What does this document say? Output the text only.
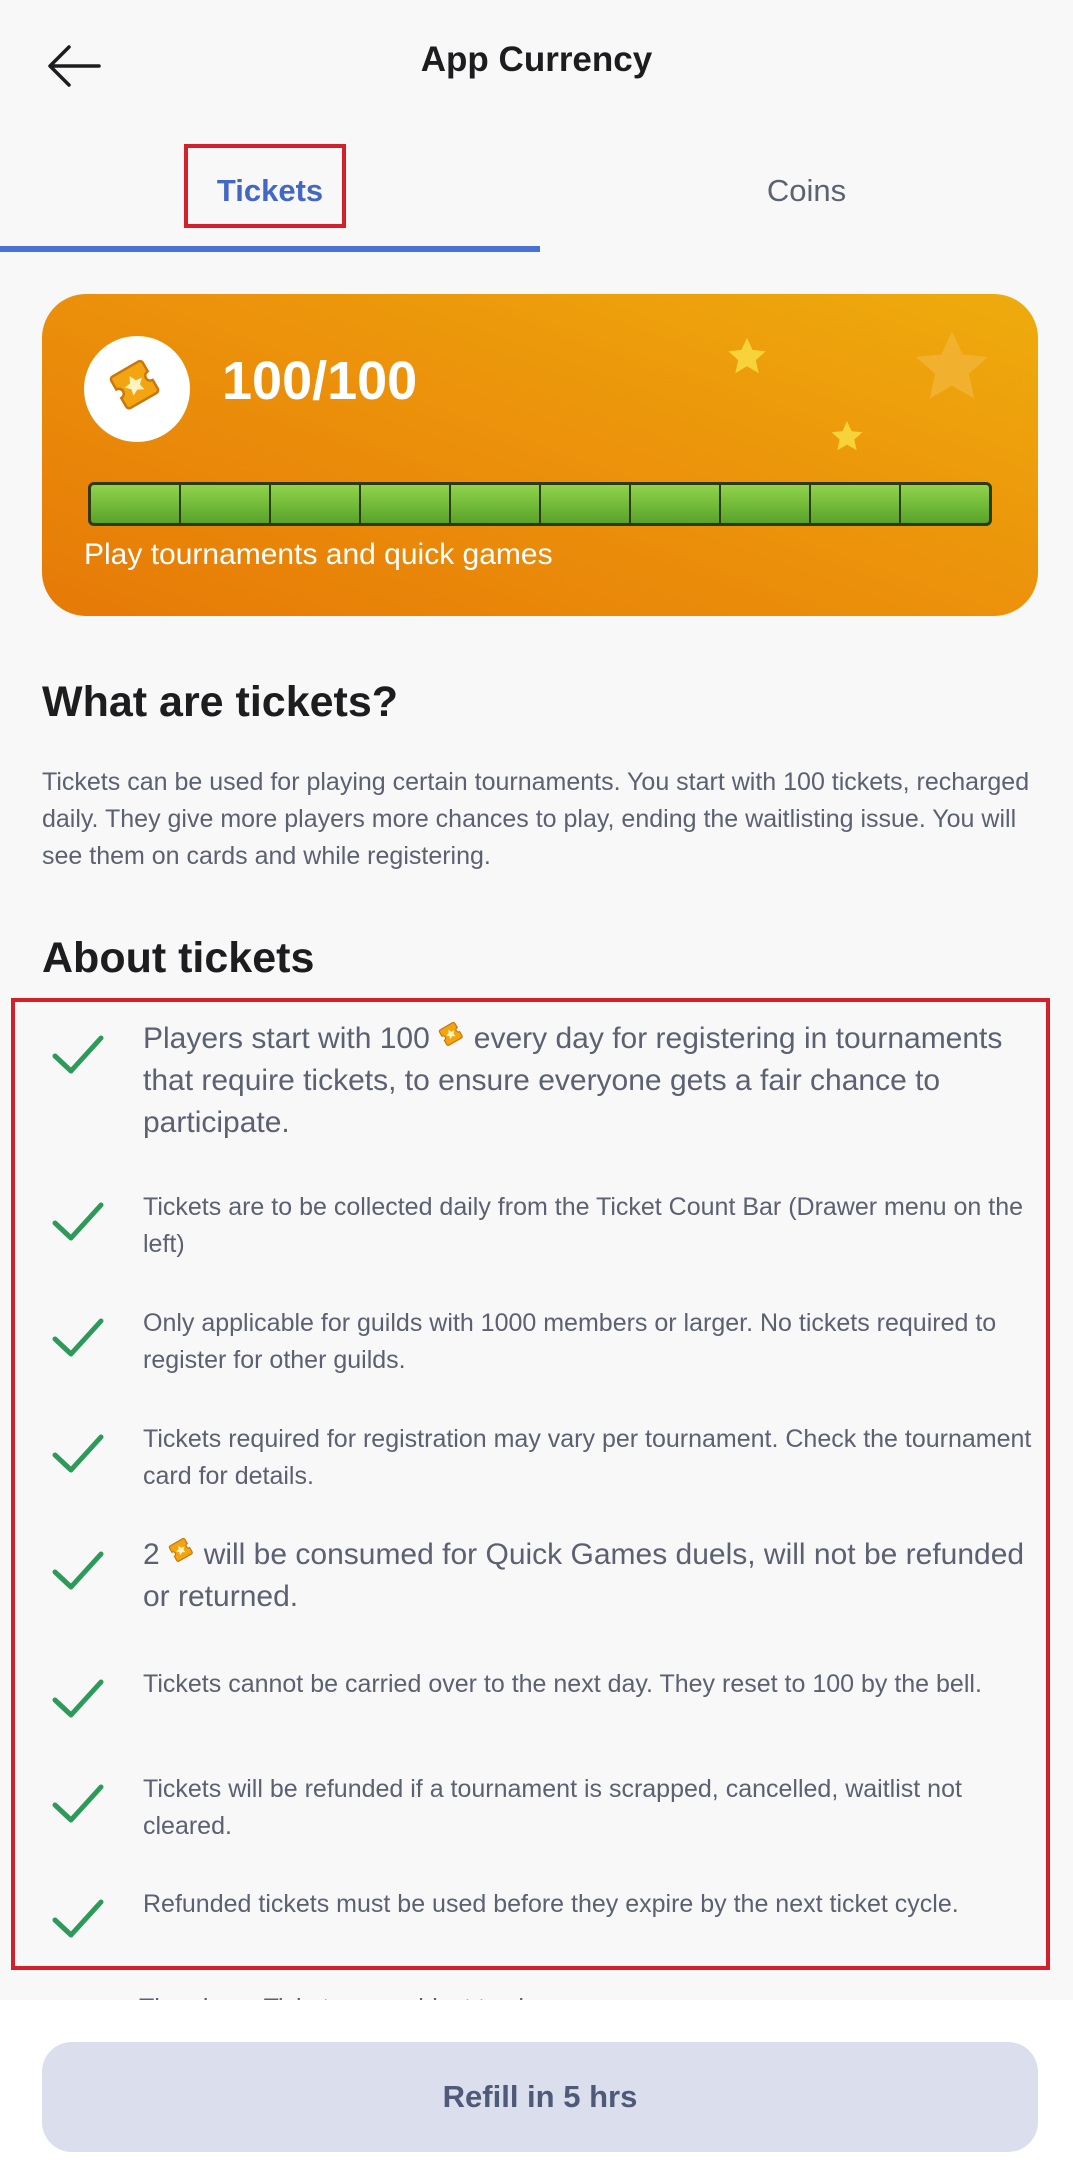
App Currency
Tickets	Coins
100/100
Play tournaments and quick games
What are tickets?
Tickets can be used for playing certain tournaments. You start with 100 tickets, recharged daily. They give more players more chances to play, ending the waitlisting issue. You will see them on cards and while registering.
About tickets
Players start with 100 every day for registering in tournaments that require tickets, to ensure everyone gets a fair chance to participate.
Tickets are to be collected daily from the Ticket Count Bar (Drawer menu on the left)
Only applicable for guilds with 1000 members or larger. No tickets required to register for other guilds.
Tickets required for registration may vary per tournament. Check the tournament card for details.
2 will be consumed for Quick Games duels, will not be refunded or returned.
Tickets cannot be carried over to the next day. They reset to 100 by the bell.
Tickets will be refunded if a tournament is scrapped, cancelled, waitlist not cleared.
Refunded tickets must be used before they expire by the next ticket cycle.
Refill in 5 hrs
